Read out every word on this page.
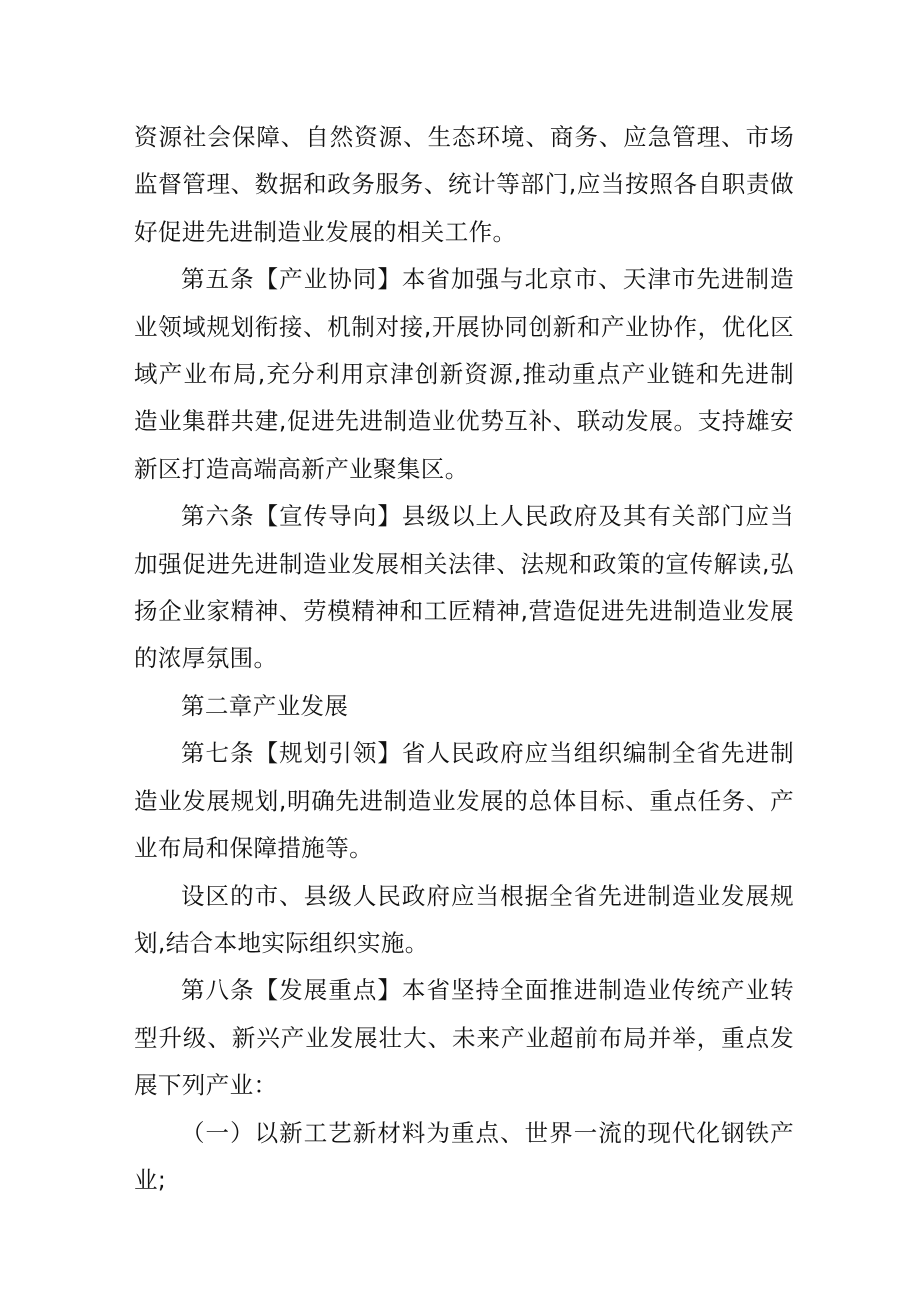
资源社会保障、自然资源、生态环境、商务、应急管理、市场监督管理、数据和政务服务、统计等部门,应当按照各自职责做好促进先进制造业发展的相关工作。

第五条【产业协同】本省加强与北京市、天津市先进制造业领域规划衔接、机制对接,开展协同创新和产业协作，优化区域产业布局,充分利用京津创新资源,推动重点产业链和先进制造业集群共建,促进先进制造业优势互补、联动发展。支持雄安新区打造高端高新产业聚集区。

第六条【宣传导向】县级以上人民政府及其有关部门应当加强促进先进制造业发展相关法律、法规和政策的宣传解读,弘扬企业家精神、劳模精神和工匠精神,营造促进先进制造业发展的浓厚氛围。

第二章产业发展

第七条【规划引领】省人民政府应当组织编制全省先进制造业发展规划,明确先进制造业发展的总体目标、重点任务、产业布局和保障措施等。

设区的市、县级人民政府应当根据全省先进制造业发展规划,结合本地实际组织实施。

第八条【发展重点】本省坚持全面推进制造业传统产业转型升级、新兴产业发展壮大、未来产业超前布局并举，重点发展下列产业：

（一）以新工艺新材料为重点、世界一流的现代化钢铁产业;
